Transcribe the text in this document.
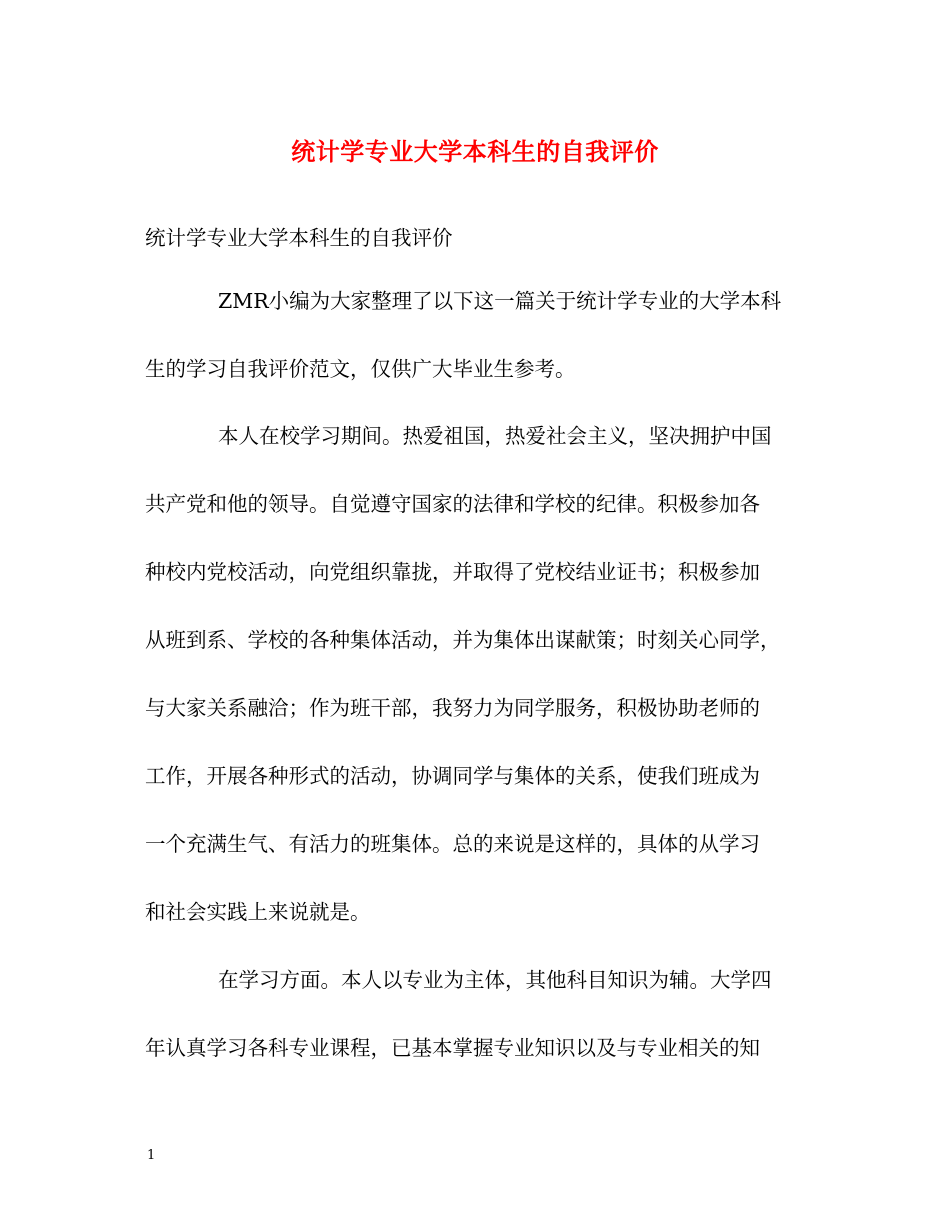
统计学专业大学本科生的自我评价
统计学专业大学本科生的自我评价
ZMR小编为大家整理了以下这一篇关于统计学专业的大学本科
生的学习自我评价范文，仅供广大毕业生参考。
本人在校学习期间。热爱祖国，热爱社会主义，坚决拥护中国
共产党和他的领导。自觉遵守国家的法律和学校的纪律。积极参加各
种校内党校活动，向党组织靠拢，并取得了党校结业证书；积极参加
从班到系、学校的各种集体活动，并为集体出谋献策；时刻关心同学，
与大家关系融洽；作为班干部，我努力为同学服务，积极协助老师的
工作，开展各种形式的活动，协调同学与集体的关系，使我们班成为
一个充满生气、有活力的班集体。总的来说是这样的，具体的从学习
和社会实践上来说就是。
在学习方面。本人以专业为主体，其他科目知识为辅。大学四
年认真学习各科专业课程，已基本掌握专业知识以及与专业相关的知
1
